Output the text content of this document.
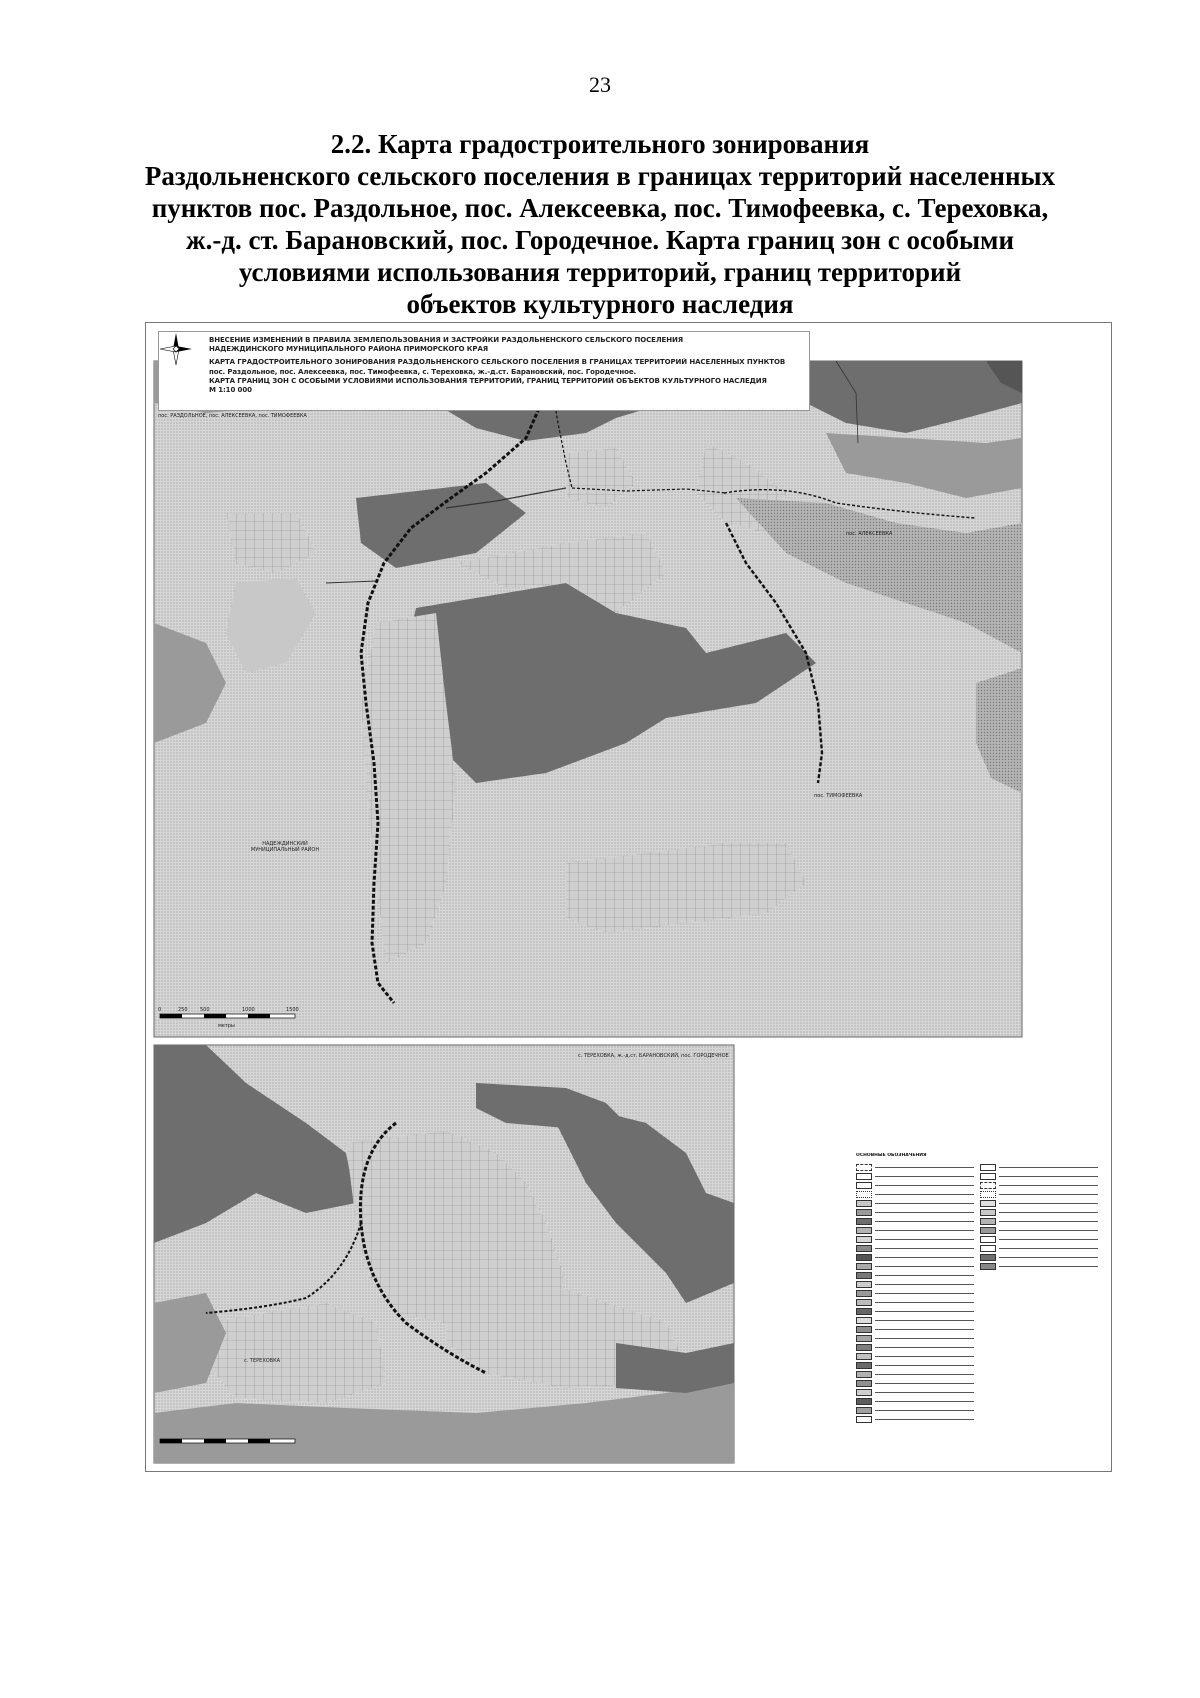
23
2.2. Карта градостроительного зонирования
Раздольненского сельского поселения в границах территорий населенных
пунктов пос. Раздольное, пос. Алексеевка, пос. Тимофеевка, с. Тереховка,
ж.-д. ст. Барановский, пос. Городечное. Карта границ зон с особыми
условиями использования территорий, границ территорий
объектов культурного наследия
ВНЕСЕНИЕ ИЗМЕНЕНИЙ В ПРАВИЛА ЗЕМЛЕПОЛЬЗОВАНИЯ И ЗАСТРОЙКИ РАЗДОЛЬНЕНСКОГО СЕЛЬСКОГО ПОСЕЛЕНИЯ
НАДЕЖДИНСКОГО МУНИЦИПАЛЬНОГО РАЙОНА ПРИМОРСКОГО КРАЯ
КАРТА ГРАДОСТРОИТЕЛЬНОГО ЗОНИРОВАНИЯ РАЗДОЛЬНЕНСКОГО СЕЛЬСКОГО ПОСЕЛЕНИЯ В ГРАНИЦАХ ТЕРРИТОРИЙ НАСЕЛЕННЫХ ПУНКТОВ
пос. Раздольное, пос. Алексеевка, пос. Тимофеевка, с. Тереховка, ж.-д.ст. Барановский, пос. Городечное.
КАРТА ГРАНИЦ ЗОН С ОСОБЫМИ УСЛОВИЯМИ ИСПОЛЬЗОВАНИЯ ТЕРРИТОРИЙ, ГРАНИЦ ТЕРРИТОРИЙ ОБЪЕКТОВ КУЛЬТУРНОГО НАСЛЕДИЯ
М 1:10 000
пос. РАЗДОЛЬНОЕ, пос. АЛЕКСЕЕВКА, пос. ТИМОФЕЕВКА
с. ТЕРЕХОВКА, ж.-д.ст. БАРАНОВСКИЙ, пос. ГОРОДЕЧНОЕ
пос. АЛЕКСЕЕВКА
пос. ТИМОФЕЕВКА
с. ТЕРЕХОВКА
НАДЕЖДИНСКИЙ МУНИЦИПАЛЬНЫЙ РАЙОН
0	250 500	1000	1500
метры
ОСНОВНЫЕ ОБОЗНАЧЕНИЯ
